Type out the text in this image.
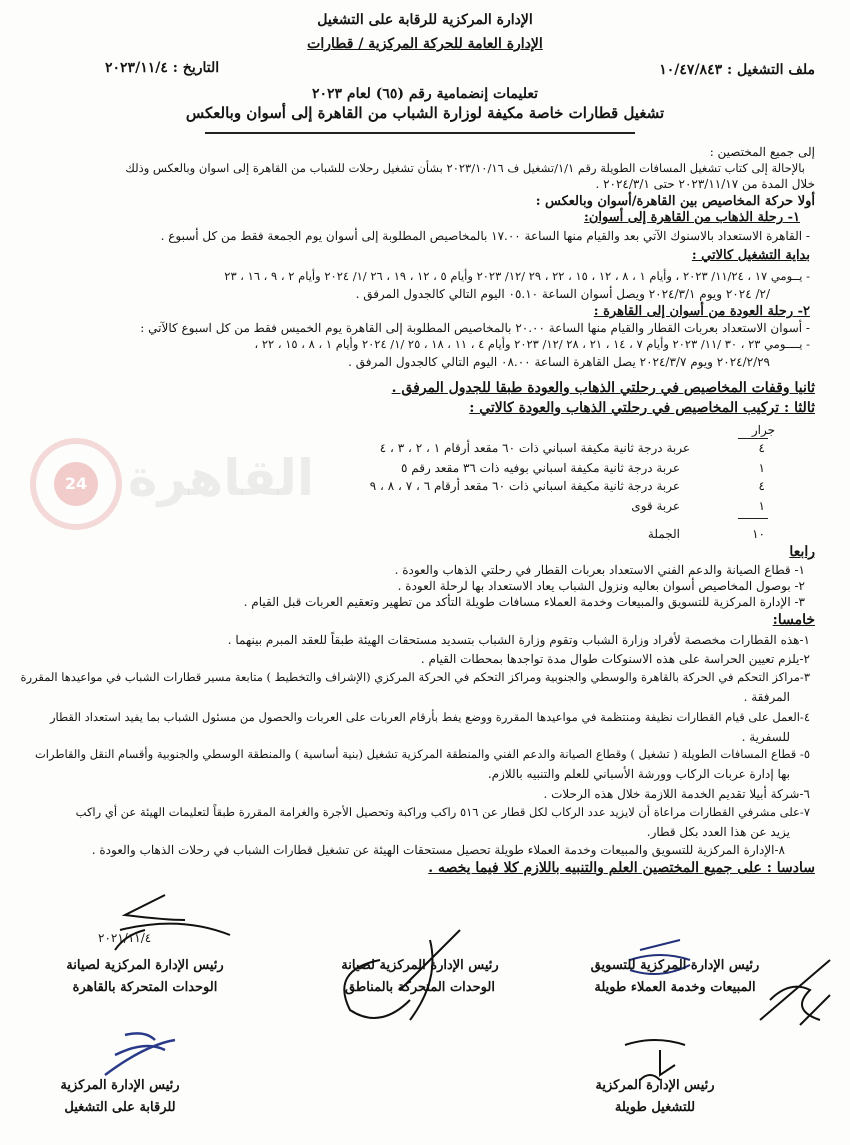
24 القاهرة
الإدارة المركزية للرقابة على التشغيل
الإدارة العامة للحركة المركزية / قطارات
ملف التشغيل : ١٠/٤٧/٨٤٣
التاريخ : ٢٠٢٣/١١/٤
تعليمات إنضمامية رقم (٦٥) لعام ٢٠٢٣
تشغيل قطارات خاصة مكيفة لوزارة الشباب من القاهرة إلى أسوان وبالعكس
إلى جميع المختصين :
بالإحالة إلى كتاب تشغيل المسافات الطويلة رقم ١/١/تشغيل ف ٢٠٢٣/١٠/١٦ بشأن تشغيل رحلات للشباب من القاهرة إلى اسوان وبالعكس وذلك
خلال المدة من ٢٠٢٣/١١/١٧ حتى ٢٠٢٤/٣/١ .
أولا حركة المخاصيص بين القاهرة/أسوان وبالعكس :
١- رحلة الذهاب من القاهرة إلى أسوان:
- القاهرة الاستعداد بالاسنوك الآتي بعد والقيام منها الساعة ١٧.٠٠ بالمخاصيص المطلوبة إلى أسوان يوم الجمعة فقط من كل أسبوع .
بداية التشغيل كالاتي :
- يــومي ١٧ ، ١١/٢٤/ ٢٠٢٣ ، وأيام ١ ، ٨ ، ١٢ ، ١٥ ، ٢٢ ، ٢٩ /١٢/ ٢٠٢٣ وأيام ٥ ، ١٢ ، ١٩ ، ٢٦ /١/ ٢٠٢٤ وأيام ٢ ، ٩ ، ١٦ ، ٢٣
/٢/ ٢٠٢٤ ويوم ٢٠٢٤/٣/١ ويصل أسوان الساعة ٠٥.١٠ اليوم التالي كالجدول المرفق .
٢- رحلة العودة من أسوان إلى القاهرة :
- أسوان الاستعداد بعربات القطار والقيام منها الساعة ٢٠.٠٠ بالمخاصيص المطلوبة إلى القاهرة يوم الخميس فقط من كل اسبوع كالآتي :
- يــــومي ٢٣ ، ٣٠ /١١/ ٢٠٢٣ وأيام ٧ ، ١٤ ، ٢١ ، ٢٨ /١٢/ ٢٠٢٣ وأيام ٤ ، ١١ ، ١٨ ، ٢٥ /١/ ٢٠٢٤ وأيام ١ ، ٨ ، ١٥ ، ٢٢ ،
٢٠٢٤/٢/٢٩ ويوم ٢٠٢٤/٣/٧ يصل القاهرة الساعة ٠٨.٠٠ اليوم التالي كالجدول المرفق .
ثانيا وقفات المخاصيص في رحلتي الذهاب والعودة طبقا للجدول المرفق .
ثالثا : تركيب المخاصيص في رحلتي الذهاب والعودة كالاتي :
جرار
٤
عربة درجة ثانية مكيفة اسباني ذات ٦٠ مقعد أرقام ١ ، ٢ ، ٣ ، ٤
١
عربة درجة ثانية مكيفة اسباني بوفيه ذات ٣٦ مقعد رقم ٥
٤
عربة درجة ثانية مكيفة اسباني ذات ٦٠ مقعد أرقام ٦ ، ٧ ، ٨ ، ٩
١
عربة قوى
١٠
الجملة
رابعا
١- قطاع الصيانة والدعم الفني الاستعداد بعربات القطار في رحلتي الذهاب والعودة .
٢- بوصول المخاصيص أسوان بعاليه ونزول الشباب يعاد الاستعداد بها لرحلة العودة .
٣- الإدارة المركزية للتسويق والمبيعات وخدمة العملاء مسافات طويلة التأكد من تطهير وتعقيم العربات قبل القيام .
خامسا:
١-هذه القطارات مخصصة لأفراد وزارة الشباب وتقوم وزارة الشباب بتسديد مستحقات الهيئة طبقاً للعقد المبرم بينهما .
٢-يلزم تعيين الحراسة على هذه الاسنوكات طوال مدة تواجدها بمحطات القيام .
٣-مراكز التحكم في الحركة بالقاهرة والوسطي والجنوبية ومراكز التحكم في الحركة المركزي (الإشراف والتخطيط ) متابعة مسير قطارات الشباب في مواعيدها المقررة
المرفقة .
٤-العمل على قيام القطارات نظيفة ومنتظمة في مواعيدها المقررة ووضع يفط بأرقام العربات على العربات والحصول من مسئول الشباب بما يفيد استعداد القطار
للسفرية .
٥- قطاع المسافات الطويلة ( تشغيل ) وقطاع الصيانة والدعم الفني والمنطقة المركزية تشغيل (بنية أساسية ) والمنطقة الوسطي والجنوبية وأقسام النقل والقاطرات
بها إدارة عربات الركاب وورشة الأسباني للعلم والتنبيه باللازم.
٦-شركة أبيلا تقديم الخدمة اللازمة خلال هذه الرحلات .
٧-على مشرفي القطارات مراعاة أن لايزيد عدد الركاب لكل قطار عن ٥١٦ راكب وراكبة وتحصيل الأجرة والغرامة المقررة طبقاً لتعليمات الهيئة عن أي راكب
يزيد عن هذا العدد بكل قطار.
٨-الإدارة المركزية للتسويق والمبيعات وخدمة العملاء طويلة تحصيل مستحقات الهيئة عن تشغيل قطارات الشباب في رحلات الذهاب والعودة .
سادسا : على جميع المختصين العلم والتنبيه باللازم كلا فيما يخصه .
رئيس الإدارة المركزية للتسويق
المبيعات وخدمة العملاء طويلة
رئيس الإدارة المركزية لصيانة
الوحدات المتحركة بالمناطق
٢٠٢١/١١/٤
رئيس الإدارة المركزية لصيانة
الوحدات المتحركة بالقاهرة
رئيس الإدارة المركزية
للتشغيل طويلة
رئيس الإدارة المركزية
للرقابة على التشغيل
